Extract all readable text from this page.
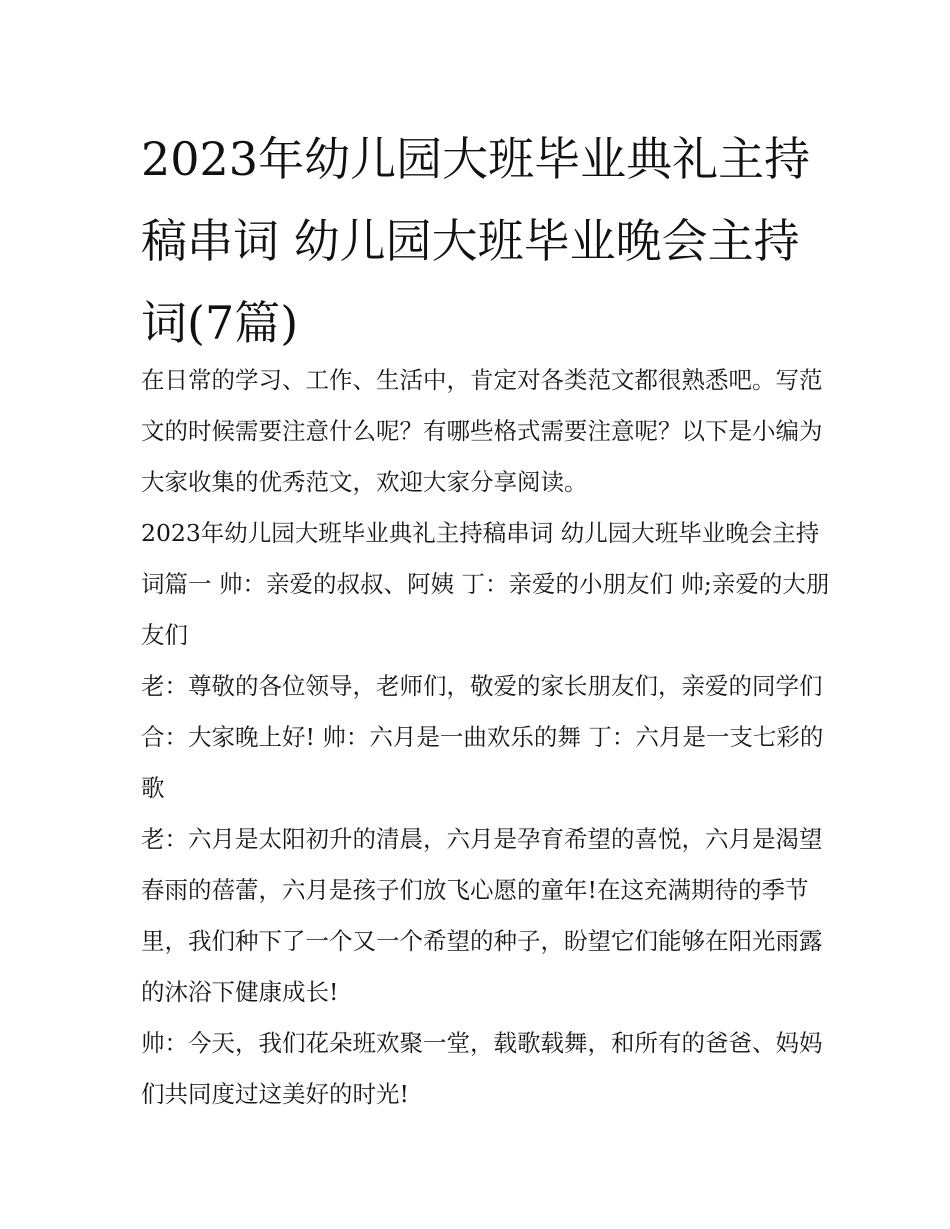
2023年幼儿园大班毕业典礼主持稿串词 幼儿园大班毕业晚会主持词(7篇)

在日常的学习、工作、生活中，肯定对各类范文都很熟悉吧。写范文的时候需要注意什么呢？有哪些格式需要注意呢？以下是小编为大家收集的优秀范文，欢迎大家分享阅读。

2023年幼儿园大班毕业典礼主持稿串词 幼儿园大班毕业晚会主持词篇一 帅：亲爱的叔叔、阿姨 丁：亲爱的小朋友们 帅;亲爱的大朋友们

老：尊敬的各位领导，老师们，敬爱的家长朋友们，亲爱的同学们 合：大家晚上好! 帅：六月是一曲欢乐的舞 丁：六月是一支七彩的歌

老：六月是太阳初升的清晨，六月是孕育希望的喜悦，六月是渴望春雨的蓓蕾，六月是孩子们放飞心愿的童年!在这充满期待的季节里，我们种下了一个又一个希望的种子，盼望它们能够在阳光雨露的沐浴下健康成长!

帅：今天，我们花朵班欢聚一堂，载歌载舞，和所有的爸爸、妈妈们共同度过这美好的时光!
